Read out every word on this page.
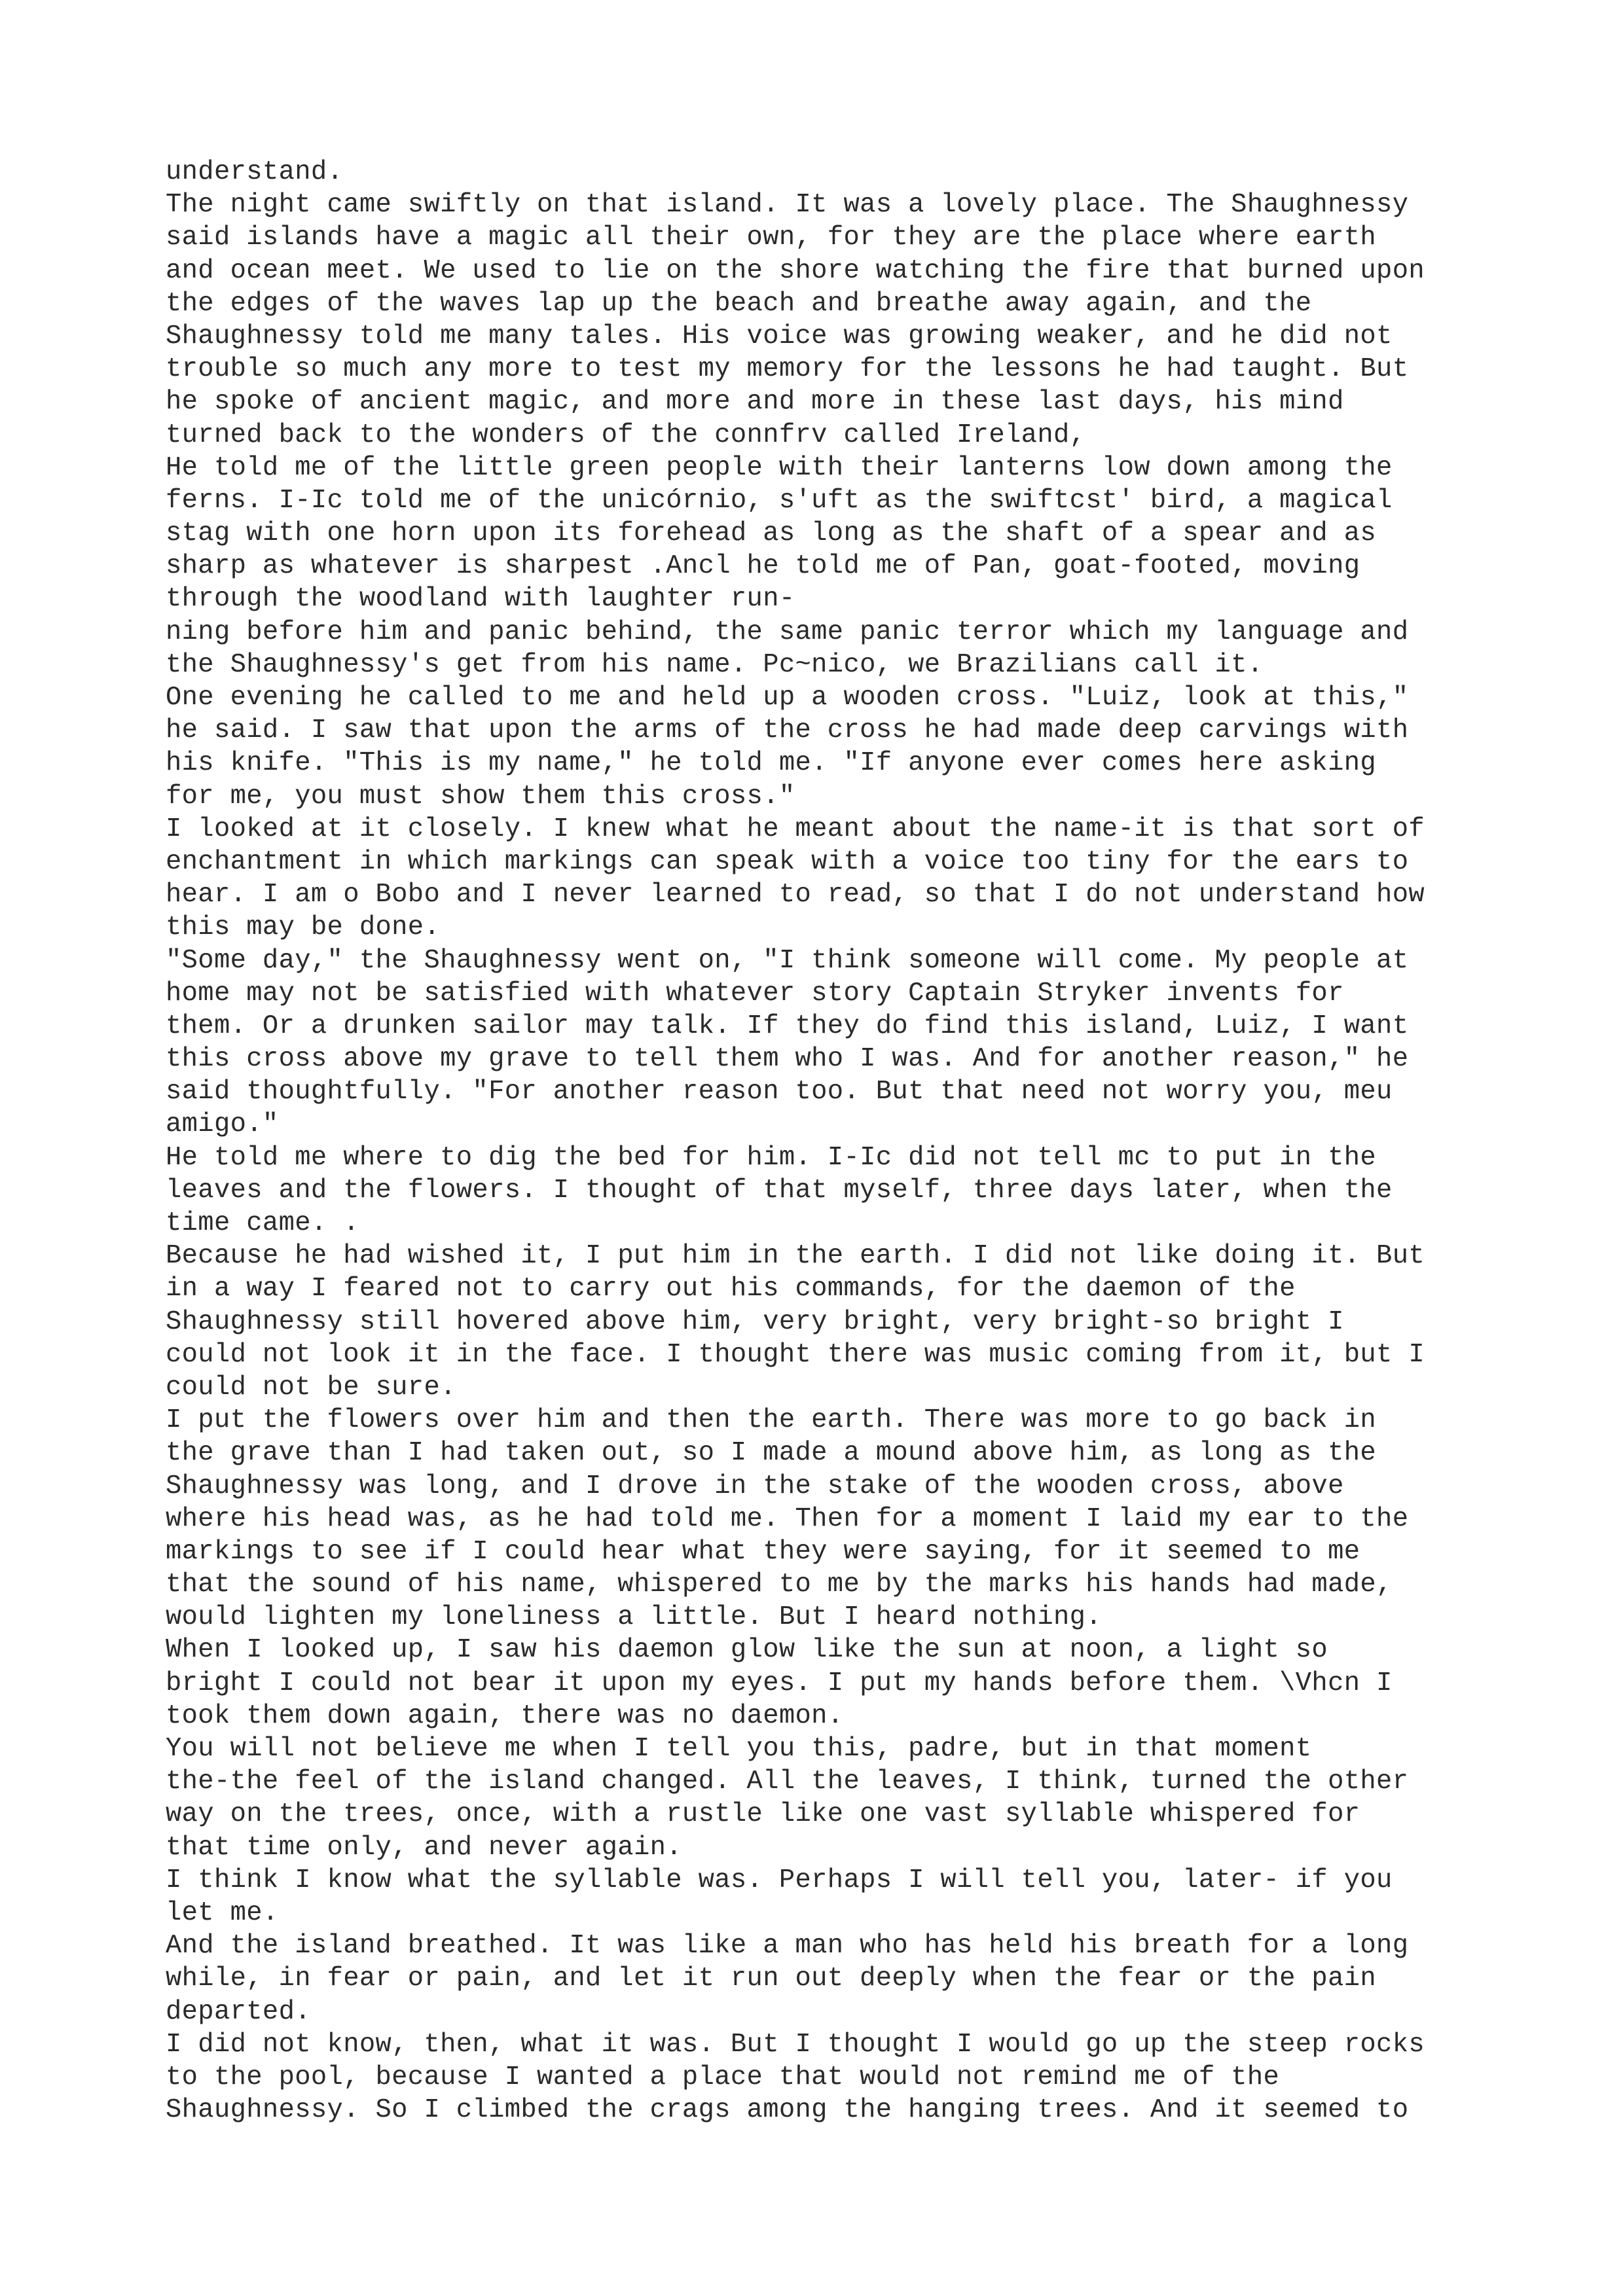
understand.
The night came swiftly on that island. It was a lovely place. The Shaughnessy
said islands have a magic all their own, for they are the place where earth
and ocean meet. We used to lie on the shore watching the fire that burned upon
the edges of the waves lap up the beach and breathe away again, and the
Shaughnessy told me many tales. His voice was growing weaker, and he did not
trouble so much any more to test my memory for the lessons he had taught. But
he spoke of ancient magic, and more and more in these last days, his mind
turned back to the wonders of the connfrv called Ireland,
He told me of the little green people with their lanterns low down among the
ferns. I-Ic told me of the unicórnio, s'uft as the swiftcst' bird, a magical
stag with one horn upon its forehead as long as the shaft of a spear and as
sharp as whatever is sharpest .Ancl he told me of Pan, goat-footed, moving
through the woodland with laughter run-
ning before him and panic behind, the same panic terror which my language and
the Shaughnessy's get from his name. Pc~nico, we Brazilians call it.
One evening he called to me and held up a wooden cross. "Luiz, look at this,"
he said. I saw that upon the arms of the cross he had made deep carvings with
his knife. "This is my name," he told me. "If anyone ever comes here asking
for me, you must show them this cross."
I looked at it closely. I knew what he meant about the name-it is that sort of
enchantment in which markings can speak with a voice too tiny for the ears to
hear. I am o Bobo and I never learned to read, so that I do not understand how
this may be done.
"Some day," the Shaughnessy went on, "I think someone will come. My people at
home may not be satisfied with whatever story Captain Stryker invents for
them. Or a drunken sailor may talk. If they do find this island, Luiz, I want
this cross above my grave to tell them who I was. And for another reason," he
said thoughtfully. "For another reason too. But that need not worry you, meu
amigo."
He told me where to dig the bed for him. I-Ic did not tell mc to put in the
leaves and the flowers. I thought of that myself, three days later, when the
time came. .
Because he had wished it, I put him in the earth. I did not like doing it. But
in a way I feared not to carry out his commands, for the daemon of the
Shaughnessy still hovered above him, very bright, very bright-so bright I
could not look it in the face. I thought there was music coming from it, but I
could not be sure.
I put the flowers over him and then the earth. There was more to go back in
the grave than I had taken out, so I made a mound above him, as long as the
Shaughnessy was long, and I drove in the stake of the wooden cross, above
where his head was, as he had told me. Then for a moment I laid my ear to the
markings to see if I could hear what they were saying, for it seemed to me
that the sound of his name, whispered to me by the marks his hands had made,
would lighten my loneliness a little. But I heard nothing.
When I looked up, I saw his daemon glow like the sun at noon, a light so
bright I could not bear it upon my eyes. I put my hands before them. \Vhcn I
took them down again, there was no daemon.
You will not believe me when I tell you this, padre, but in that moment
the-the feel of the island changed. All the leaves, I think, turned the other
way on the trees, once, with a rustle like one vast syllable whispered for
that time only, and never again.
I think I know what the syllable was. Perhaps I will tell you, later- if you
let me.
And the island breathed. It was like a man who has held his breath for a long
while, in fear or pain, and let it run out deeply when the fear or the pain
departed.
I did not know, then, what it was. But I thought I would go up the steep rocks
to the pool, because I wanted a place that would not remind me of the
Shaughnessy. So I climbed the crags among the hanging trees. And it seemed to
